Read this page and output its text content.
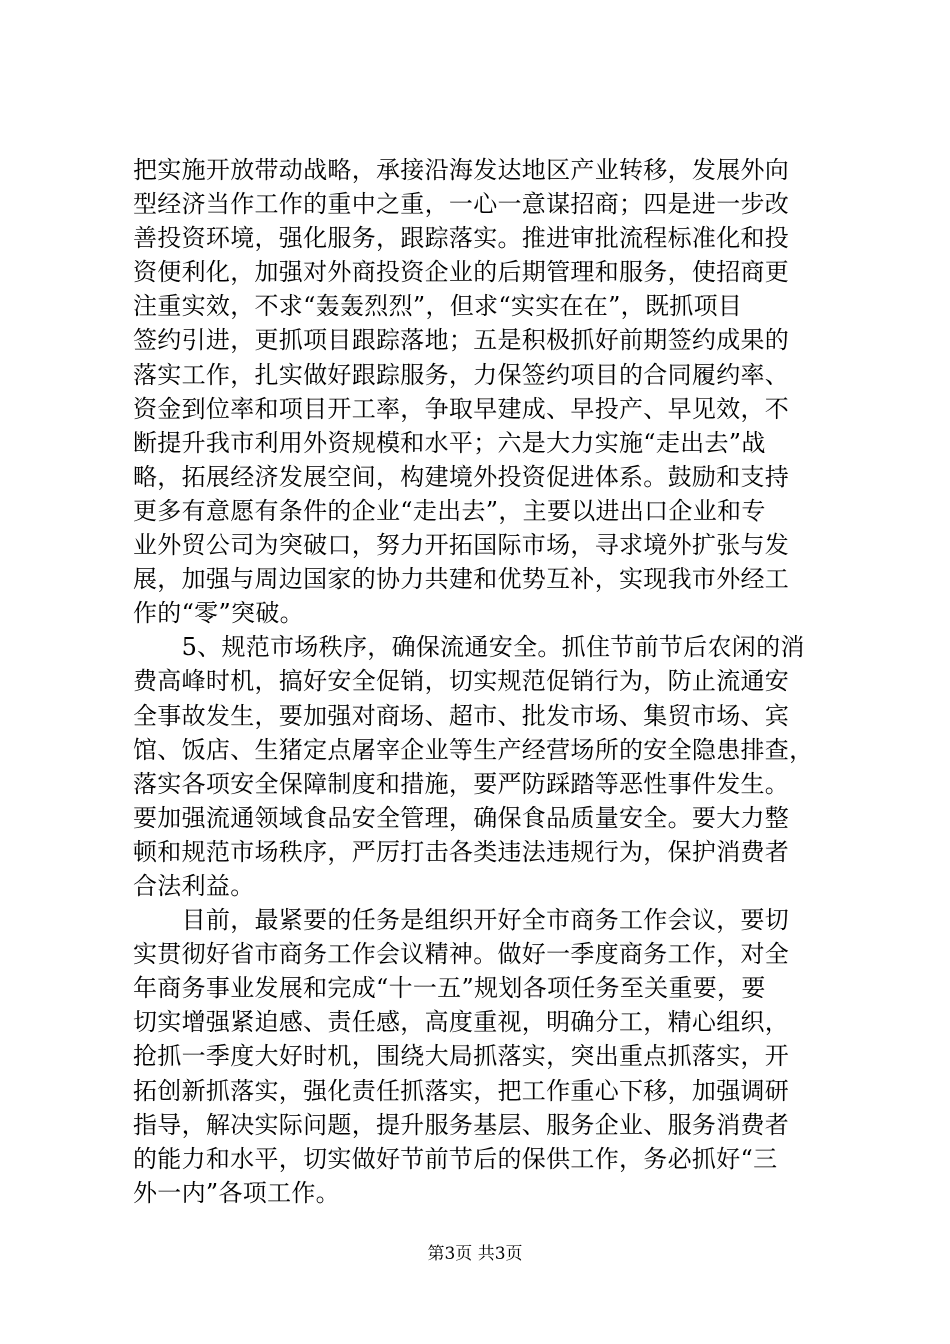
把实施开放带动战略，承接沿海发达地区产业转移，发展外向
型经济当作工作的重中之重，一心一意谋招商；四是进一步改
善投资环境，强化服务，跟踪落实。推进审批流程标准化和投
资便利化，加强对外商投资企业的后期管理和服务，使招商更
注重实效，不求“轰轰烈烈”，但求“实实在在”，既抓项目
签约引进，更抓项目跟踪落地；五是积极抓好前期签约成果的
落实工作，扎实做好跟踪服务，力保签约项目的合同履约率、
资金到位率和项目开工率，争取早建成、早投产、早见效，不
断提升我市利用外资规模和水平；六是大力实施“走出去”战
略，拓展经济发展空间，构建境外投资促进体系。鼓励和支持
更多有意愿有条件的企业“走出去”，主要以进出口企业和专
业外贸公司为突破口，努力开拓国际市场，寻求境外扩张与发
展，加强与周边国家的协力共建和优势互补，实现我市外经工
作的“零”突破。
　　5、规范市场秩序，确保流通安全。抓住节前节后农闲的消
费高峰时机，搞好安全促销，切实规范促销行为，防止流通安
全事故发生，要加强对商场、超市、批发市场、集贸市场、宾
馆、饭店、生猪定点屠宰企业等生产经营场所的安全隐患排查，
落实各项安全保障制度和措施，要严防踩踏等恶性事件发生。
要加强流通领域食品安全管理，确保食品质量安全。要大力整
顿和规范市场秩序，严厉打击各类违法违规行为，保护消费者
合法利益。
　　目前，最紧要的任务是组织开好全市商务工作会议，要切
实贯彻好省市商务工作会议精神。做好一季度商务工作，对全
年商务事业发展和完成“十一五”规划各项任务至关重要，要
切实增强紧迫感、责任感，高度重视，明确分工，精心组织，
抢抓一季度大好时机，围绕大局抓落实，突出重点抓落实，开
拓创新抓落实，强化责任抓落实，把工作重心下移，加强调研
指导，解决实际问题，提升服务基层、服务企业、服务消费者
的能力和水平，切实做好节前节后的保供工作，务必抓好“三
外一内”各项工作。
第3页 共3页
